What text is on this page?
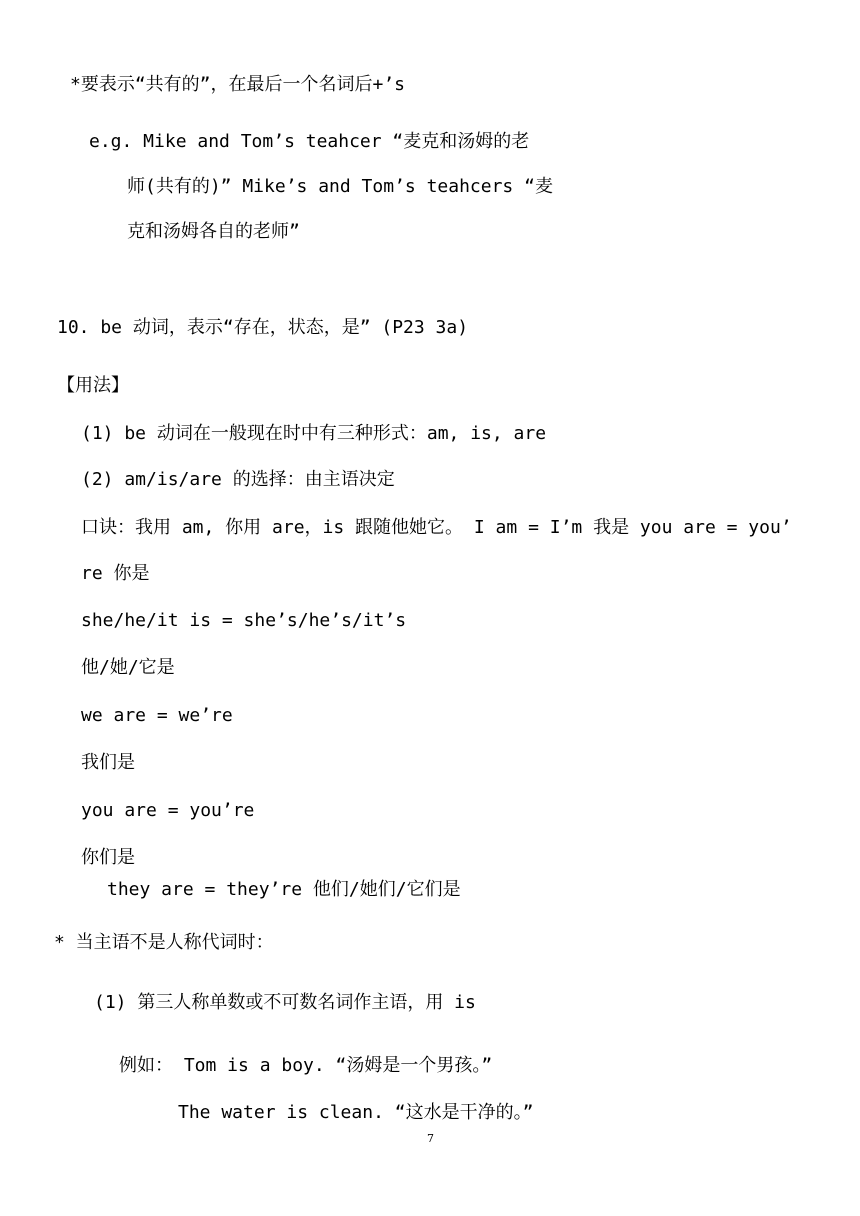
*要表示“共有的”，在最后一个名词后+’s
e.g. Mike and Tom’s teahcer “麦克和汤姆的老
师(共有的)” Mike’s and Tom’s teahcers “麦
克和汤姆各自的老师”
10. be 动词，表示“存在，状态，是” (P23 3a)
【用法】
(1) be 动词在一般现在时中有三种形式：am, is, are
(2) am/is/are 的选择：由主语决定
口诀：我用 am, 你用 are，is 跟随他她它。 I am = I’m 我是 you are = you’
re 你是
she/he/it is = she’s/he’s/it’s
他/她/它是
we are = we’re
我们是
you are = you’re
你们是
they are = they’re 他们/她们/它们是
* 当主语不是人称代词时：
(1) 第三人称单数或不可数名词作主语，用 is
例如： Tom is a boy. “汤姆是一个男孩。”
The water is clean. “这水是干净的。”
7
